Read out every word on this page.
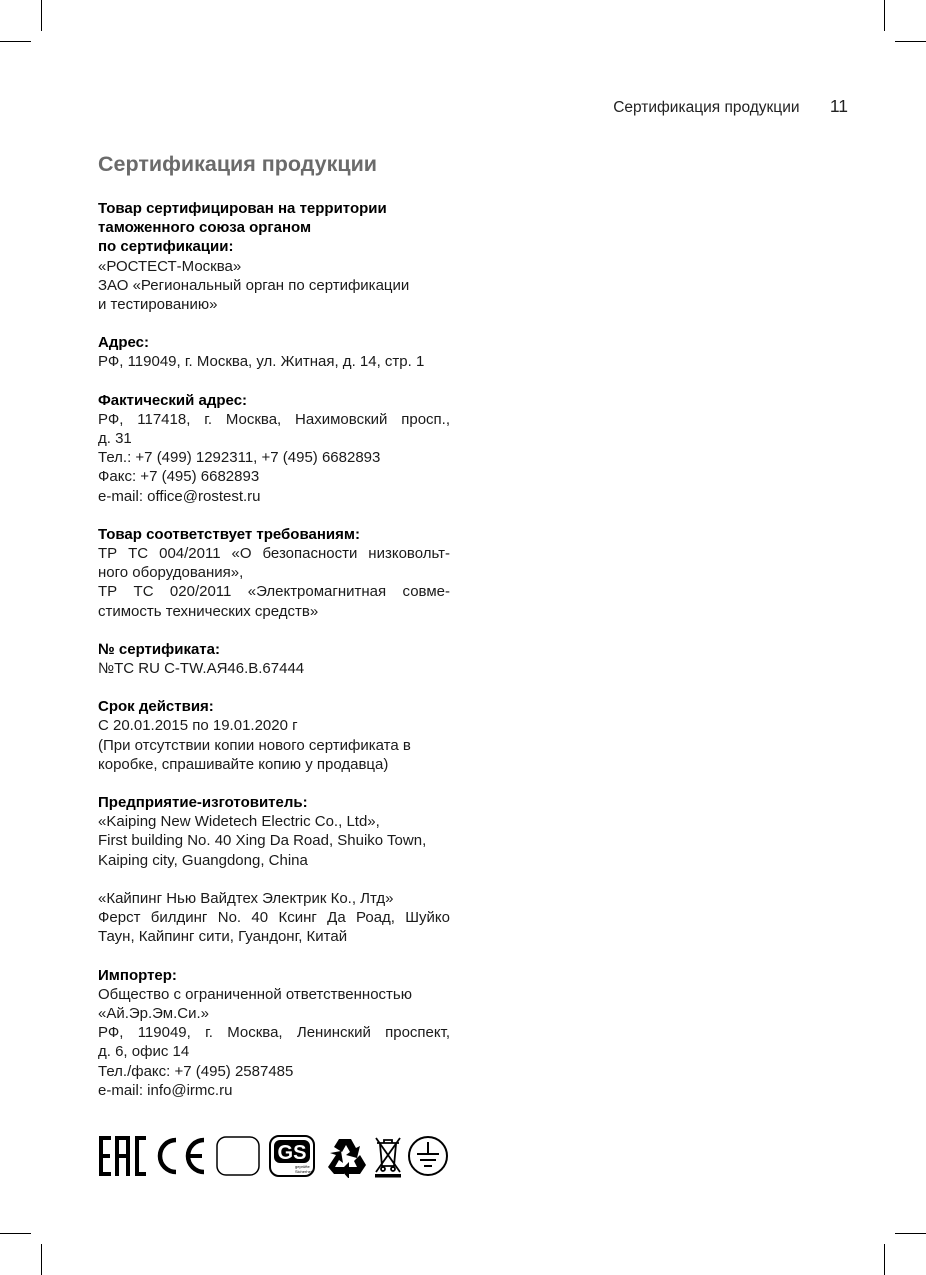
Сертификация продукции 11
Сертификация продукции
Товар сертифицирован на территории
таможенного союза органом
по сертификации:
«РОСТЕСТ-Москва»
ЗАО «Региональный орган по сертификации
и тестированию»
Адрес:
РФ, 119049, г. Москва, ул. Житная, д. 14, стр. 1
Фактический адрес:
РФ, 117418, г. Москва, Нахимовский просп.,
д. 31
Тел.: +7 (499) 1292311, +7 (495) 6682893
Факс: +7 (495) 6682893
e-mail: office@rostest.ru
Товар соответствует требованиям:
ТР ТС 004/2011 «О безопасности низковольт-
ного оборудования»,
ТР ТС 020/2011 «Электромагнитная совме-
стимость технических средств»
№ сертификата:
№ТС RU C-TW.АЯ46.В.67444
Срок действия:
С 20.01.2015 по 19.01.2020 г
(При отсутствии копии нового сертификата в
коробке, спрашивайте копию у продавца)
Предприятие-изготовитель:
«Kaiping New Widetech Electric Co., Ltd»,
First building No. 40 Xing Da Road, Shuiko Town,
Kaiping city, Guangdong, China
«Кайпинг Нью Вайдтех Электрик Ко., Лтд»
Ферст билдинг No. 40 Ксинг Да Роад, Шуйко
Таун, Кайпинг сити, Гуандонг, Китай
Импортер:
Общество с ограниченной ответственностью
«Ай.Эр.Эм.Си.»
РФ, 119049, г. Москва, Ленинский проспект,
д. 6, офис 14
Тел./факс: +7 (495) 2587485
e-mail: info@irmc.ru
GS
geprüfte
Sicherheit
